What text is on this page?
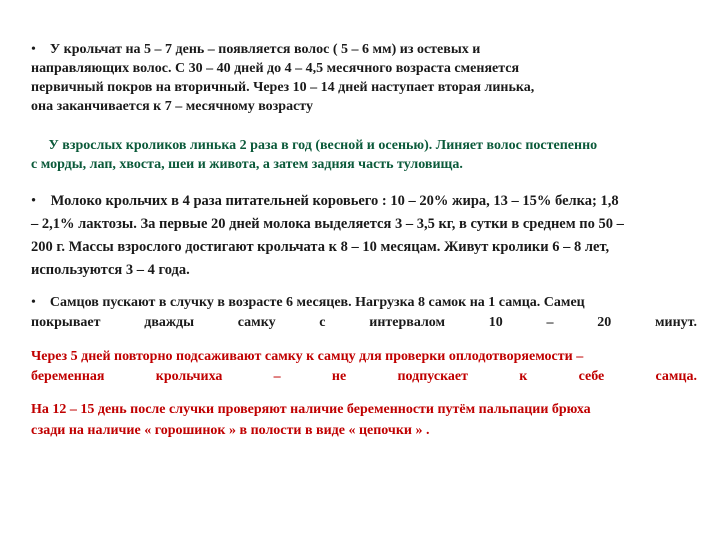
• У крольчат на 5 – 7 день – появляется волос ( 5 – 6 мм) из остевых и
направляющих волос. С 30 – 40 дней до 4 – 4,5 месячного возраста сменяется
первичный покров на вторичный. Через 10 – 14 дней наступает вторая линька,
она заканчивается к 7 – месячному возрасту
У взрослых кроликов линька 2 раза в год (весной и осенью). Линяет волос постепенно
с морды, лап, хвоста, шеи и живота, а затем задняя часть туловища.
• Молоко крольчих в 4 раза питательней коровьего : 10 – 20% жира, 13 – 15% белка; 1,8
– 2,1% лактозы. За первые 20 дней молока выделяется 3 – 3,5 кг, в сутки в среднем по 50 –
200 г. Массы взрослого достигают крольчата к 8 – 10 месяцам. Живут кролики 6 – 8 лет,
используются 3 – 4 года.
• Самцов пускают в случку в возрасте 6 месяцев. Нагрузка 8 самок на 1 самца. Самец
покрывает дважды самку с интервалом 10 – 20 минут.
Через 5 дней повторно подсаживают самку к самцу для проверки оплодотворяемости –
беременная крольчиха – не подпускает к себе самца.
На 12 – 15 день после случки проверяют наличие беременности путём пальпации брюха
сзади на наличие « горошинок » в полости в виде « цепочки » .
